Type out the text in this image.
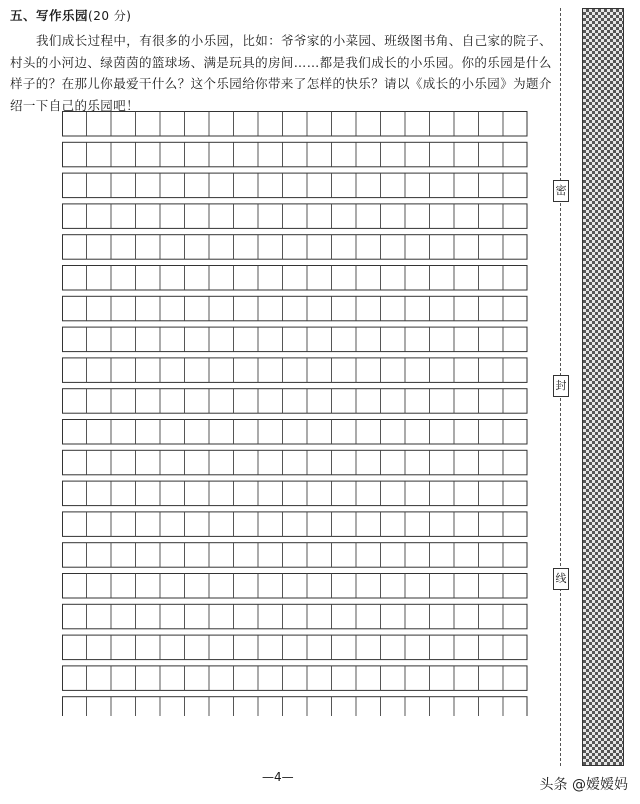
五、写作乐园(20 分)

我们成长过程中，有很多的小乐园，比如：爷爷家的小菜园、班级图书角、自己家的院子、村头的小河边、绿茵茵的篮球场、满是玩具的房间……都是我们成长的小乐园。你的乐园是什么样子的？在那儿你最爱干什么？这个乐园给你带来了怎样的快乐？请以《成长的小乐园》为题介绍一下自己的乐园吧！

密
封
线
—4—	头条 @嫒嫒妈
